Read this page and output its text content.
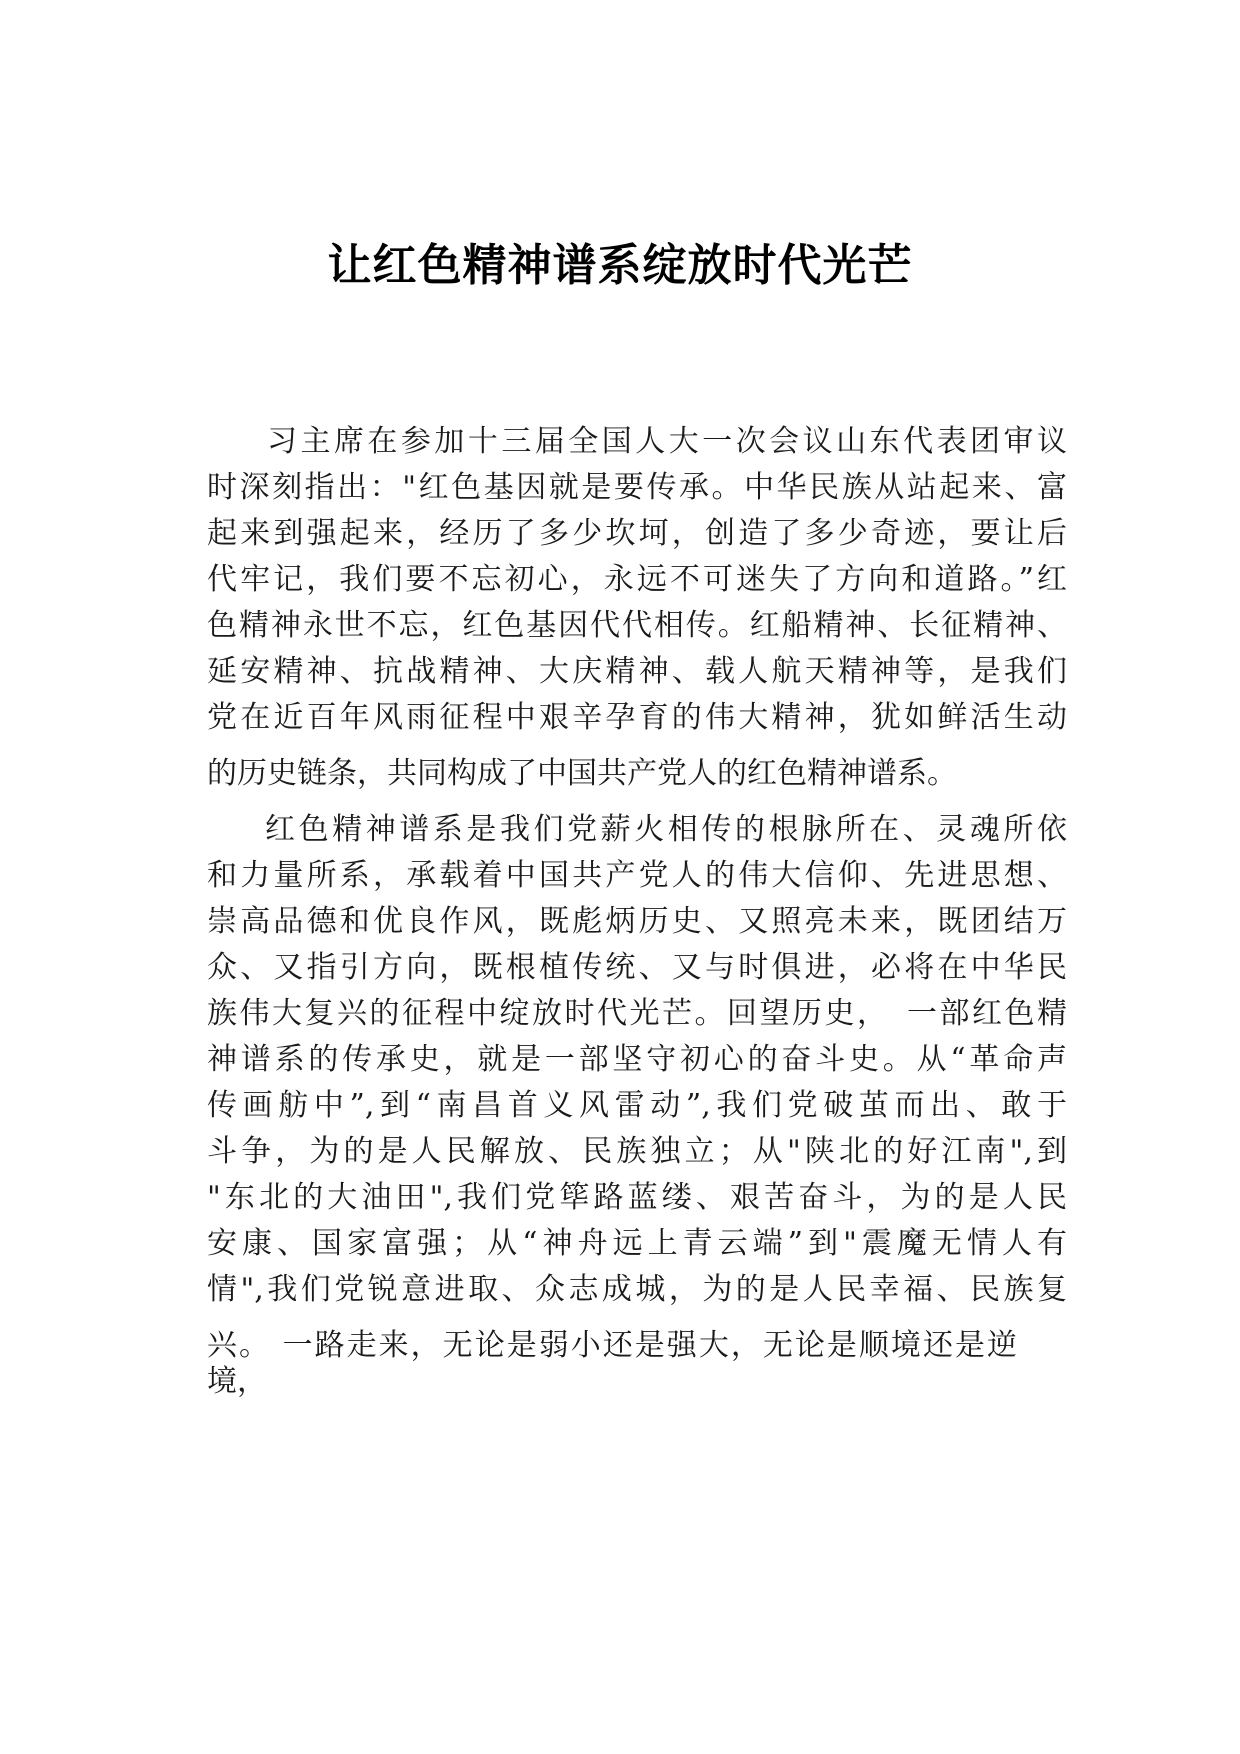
让红色精神谱系绽放时代光芒
习主席在参加十三届全国人大一次会议山东代表团审议
时深刻指出："红色基因就是要传承。中华民族从站起来、富
起来到强起来，经历了多少坎坷，创造了多少奇迹，要让后
代牢记，我们要不忘初心，永远不可迷失了方向和道路。”红
色精神永世不忘，红色基因代代相传。红船精神、长征精神、
延安精神、抗战精神、大庆精神、载人航天精神等，是我们
党在近百年风雨征程中艰辛孕育的伟大精神，犹如鲜活生动
的历史链条，共同构成了中国共产党人的红色精神谱系。
红色精神谱系是我们党薪火相传的根脉所在、灵魂所依
和力量所系，承载着中国共产党人的伟大信仰、先进思想、
崇高品德和优良作风，既彪炳历史、又照亮未来，既团结万
众、又指引方向，既根植传统、又与时俱进，必将在中华民
族伟大复兴的征程中绽放时代光芒。回望历史，　一部红色精
神谱系的传承史，就是一部坚守初心的奋斗史。从“革命声
传画舫中”,到“南昌首义风雷动”,我们党破茧而出、敢于
斗争，为的是人民解放、民族独立；从"陕北的好江南",到
"东北的大油田",我们党筚路蓝缕、艰苦奋斗，为的是人民
安康、国家富强；从“神舟远上青云端”到"震魔无情人有
情",我们党锐意进取、众志成城，为的是人民幸福、民族复
兴。 一路走来，无论是弱小还是强大，无论是顺境还是逆
境，
